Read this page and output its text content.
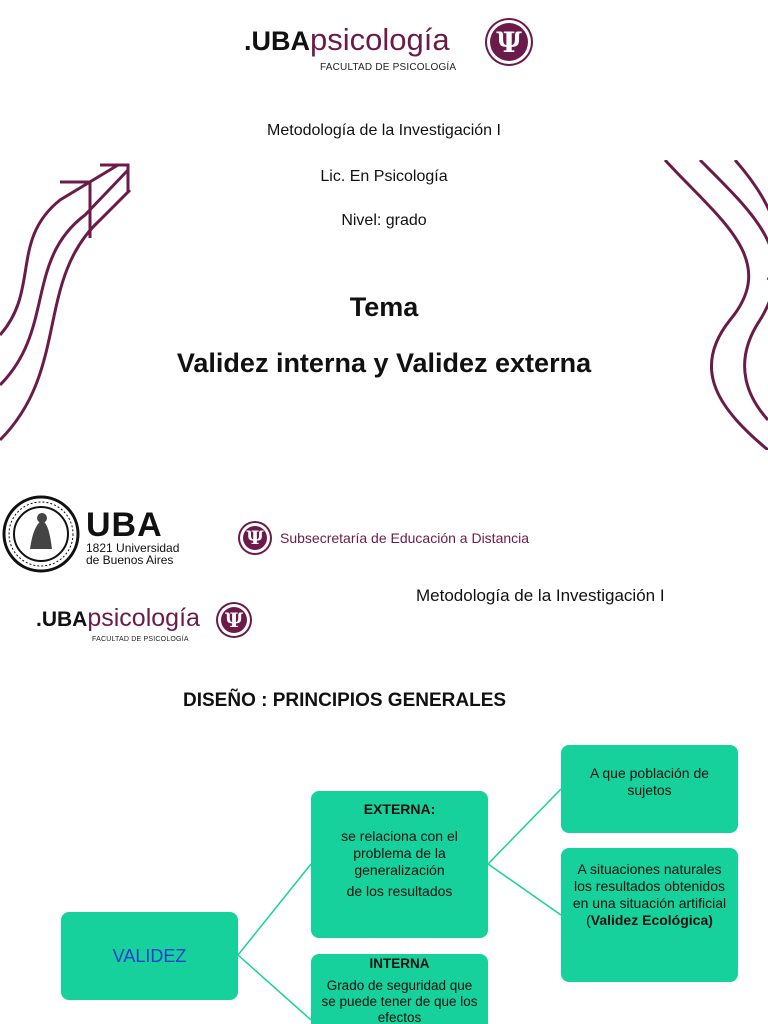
.UBApsicología
FACULTAD DE PSICOLOGÍA
Ψ
Metodología de la Investigación I
Lic. En Psicología
Nivel: grado
Tema
Validez interna y Validez externa
UBA
1821 Universidad
de Buenos Aires
Ψ	Subsecretaría de Educación a Distancia
Metodología de la Investigación I
.UBApsicología
FACULTAD DE PSICOLOGÍA
Ψ
DISEÑO : PRINCIPIOS GENERALES
VALIDEZ
EXTERNA:
se relaciona con el problema de la generalización
de los resultados
INTERNA
Grado de seguridad que se puede tener de que los efectos
A que población de sujetos
A situaciones naturales los resultados obtenidos en una situación artificial (Validez Ecológica)
